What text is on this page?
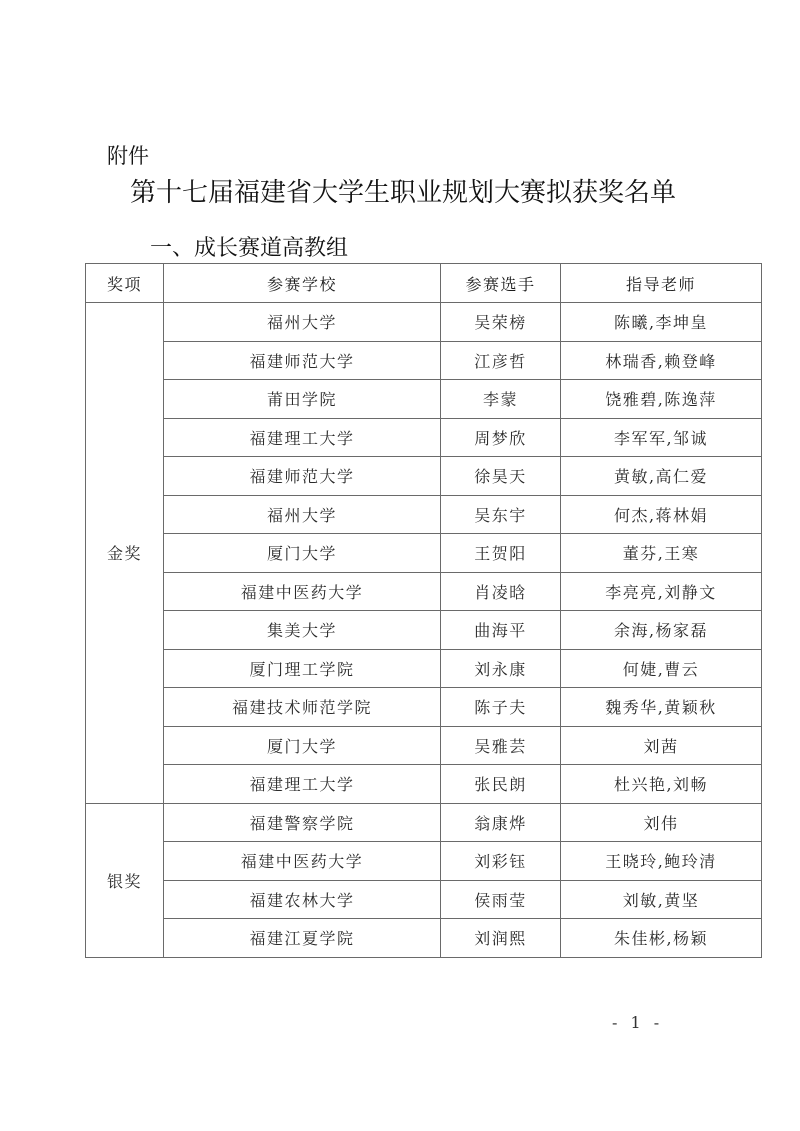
附件
第十七届福建省大学生职业规划大赛拟获奖名单
一、成长赛道高教组
奖项	参赛学校	参赛选手	指导老师
金奖	福州大学	吴荣榜	陈曦,李坤皇
	福建师范大学	江彦哲	林瑞香,赖登峰
	莆田学院	李蒙	饶雅碧,陈逸萍
	福建理工大学	周梦欣	李军军,邹诚
	福建师范大学	徐昊天	黄敏,高仁爱
	福州大学	吴东宇	何杰,蒋林娟
	厦门大学	王贺阳	董芬,王寒
	福建中医药大学	肖凌晗	李亮亮,刘静文
	集美大学	曲海平	余海,杨家磊
	厦门理工学院	刘永康	何婕,曹云
	福建技术师范学院	陈子夫	魏秀华,黄颖秋
	厦门大学	吴雅芸	刘茜
	福建理工大学	张民朗	杜兴艳,刘畅
银奖	福建警察学院	翁康烨	刘伟
	福建中医药大学	刘彩钰	王晓玲,鲍玲清
	福建农林大学	侯雨莹	刘敏,黄坚
	福建江夏学院	刘润熙	朱佳彬,杨颖
- 1 -
